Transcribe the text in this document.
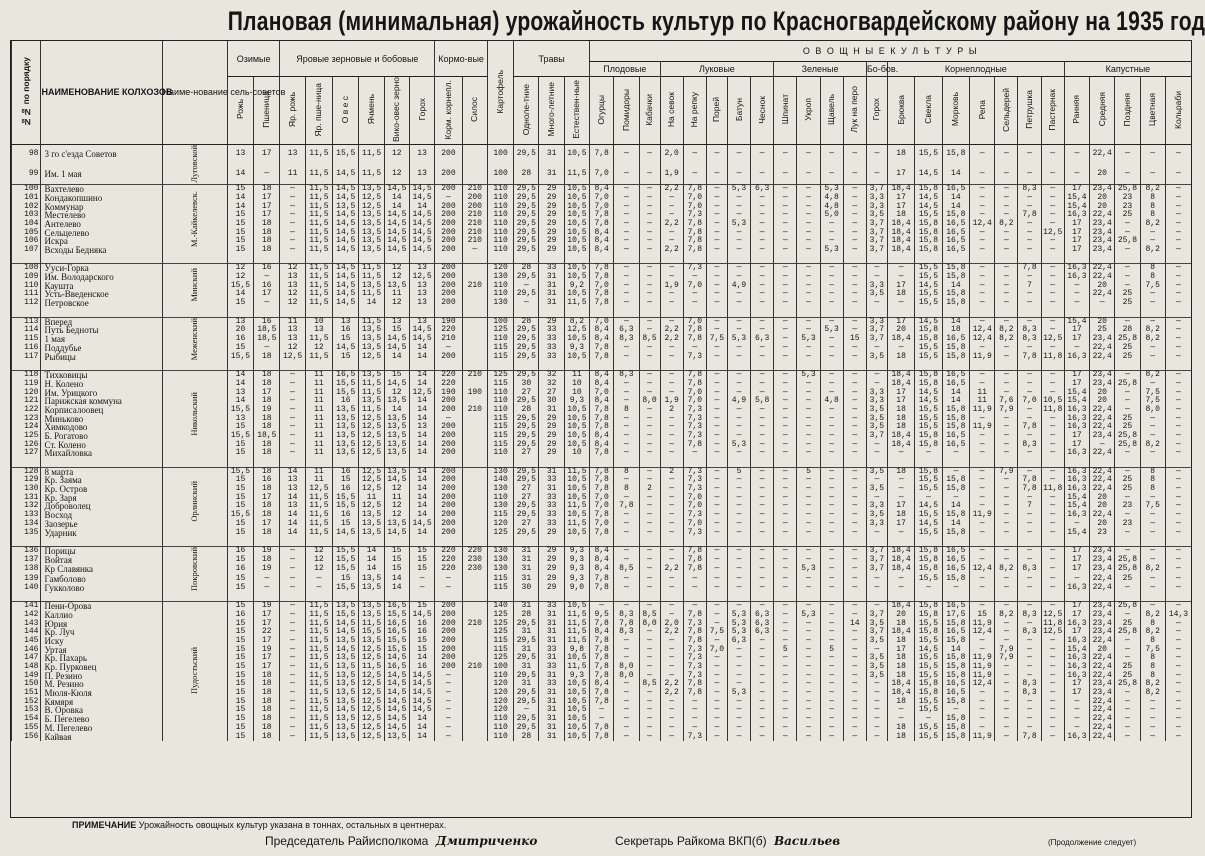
Плановая (минимальная) урожайность культур по Красногвардейскому району на 1935 год
№№ по порядку	НАИМЕНОВАНИЕ КОЛХОЗОВ	Наиме-нование сель-советов	Озимые		Яровые зерновые и бобовые						Кормо-вые		Картофель	Травы			О В О Щ Н Ы Е К У Л Ь Т У Р Ы																								
																	Плодовые			Луковые					Зеленые				Бо-бов.	Корнеплодные							Капустные				
			Рожь	Пшеница	Яр. рожь	Яр. пше-ница	О в е с	Ячмень	Вико-овес зерно	Горох	Корм. корнепл.	Силос		Одноле-тние	Много-летние	Естествен-ные	Огурцы	Помидоры	Кабачки	На севок	На репку	Порей	Батун	Чеснок	Шпинат	Укроп	Щавель	Лук на перо	Горох	Брюква	Свекла	Морковь	Репа	Сельдерей	Петрушка	Пастернак	Ранняя	Средняя	Поздняя	Цветная	Кольраби
98	3 го с'езда Советов	Луговской	13	17	13	11,5	15,5	11,5	12	13	200		100	29,5	31	10,5	7,8	—	—	2,0	—	—	—	—	—	—	—	—	—	18	15,5	15,8	—	—	—	—	—	22,4	—	—	—
99	Им. 1 мая		14	—	11	11,5	14,5	11,5	12	13	200		100	28	31	11,5	7,0	—	—	1,9	—	—	—	—	—	—	—	—	—	17	14,5	14	—	—	—	—	—	20	—	—	—
100	Вахтелево	М.-Кайкелевск.	15	18	—	11,5	14,5	13,5	14,5	14,5	200	210	110	29,5	29	10,5	8,4	—	—	2,2	7,8	—	5,3	6,3	—	—	5,3	—	3,7	18,4	15,8	16,5	—	—	8,3	—	17	23,4	25,8	8,2	—
101	Кондакопшино		14	17	—	11,5	14,5	12,5	14	14,5	—	200	110	29,5	29	10,5	7,0	—	—	—	7,0	—	—	—	—	—	4,8	—	3,3	17	14,5	14	—	—	—	—	15,4	20	23	8	—
102	Коммунар		14	17	—	11,5	13,5	12,5	14	14	200	200	110	29,5	29	10,5	7,0	—	—	—	7,0	—	—	—	—	—	4,8	—	3,3	17	14,5	14	—	—	—	—	15,4	20	23	8	—
103	Местелево		15	17	—	11,5	14,5	13,5	14,5	14,5	200	210	110	29,5	29	10,5	7,8	—	—	—	7,3	—	—	—	—	—	5,0	—	3,5	18	15,5	15,8	—	—	7,8	—	16,3	22,4	25	8	—
104	Антелево		15	18	—	11,5	14,5	13,5	14,5	14,5	200	210	110	29,5	29	10,5	7,8	—	—	2,2	7,8	—	5,3	—	—	—	—	—	3,7	18,4	15,8	16,5	12,4	8,2	—	—	17	23,4	—	8,2	—
105	Сельцелево		15	18	—	11,5	14,5	13,5	14,5	14,5	200	210	110	29,5	29	10,5	8,4	—	—	—	7,8	—	—	—	—	—	—	—	3,7	18,4	15,8	16,5	—	—	—	12,5	17	23,4	—	—	—
106	Искра		15	18	—	11,5	14,5	13,5	14,5	14,5	200	210	110	29,5	29	10,5	8,4	—	—	—	7,8	—	—	—	—	—	—	—	3,7	18,4	15,8	16,5	—	—	—	—	17	23,4	25,8	—	—
107	Всходы Бедняка		15	18	—	11,5	14,5	13,5	14,5	14,5	200	—	110	29,5	29	10,5	8,4	—	—	2,2	7,8	—	—	—	—	—	5,3	—	3,7	18,4	15,8	16,5	—	—	—	—	17	23,4	—	8,2	—

108	Ууси-Горка	Минский	12	16	12	11,5	14,5	11,5	12	13	200		120	28	33	10,5	7,8	—	—	—	7,3	—	—	—	—	—	—	—	—	—	15,5	15,8	—	—	7,8	—	16,3	22,4	—	8	—
109	Им. Володарского		12	—	13	11,5	14,5	11,5	12	12,5	200		130	29,5	31	10,5	7,8	—	—	—	—	—	—	—	—	—	—	—	—	—	15,5	15,8	—	—	—	—	16,3	22,4	—	8	—
110	Каушта		15,5	16	13	11,5	14,5	13,5	13,5	13	200	210	110	—	31	9,2	7,0	—	—	1,9	7,0	—	4,9	—	—	—	—	—	3,3	17	14,5	14	—	—	7	—	—	20	—	7,5	—
111	Усть-Введенское		14	17	12	11,5	14,5	11,5	11	13	200		110	29,5	31	10,5	7,8	—	—	—	—	—	—	—	—	—	—	—	3,5	18	15,5	15,8	—	—	—	—	—	22,4	25	—	—
112	Петровское		15	—	12	11,5	14,5	14	12	13	200		130	—	31	11,5	7,8	—	—	—	—	—	—	—	—	—	—	—	—	—	15,5	15,8	—	—	—	—	—	—	25	—	—

113	Вперед	Меженский	13	16	11	10	13	11,5	13	13	190		100	28	29	8,2	7,0	—	—	—	7,0	—	—	—	—	—	—	—	3,3	17	14,5	14	—	—	—	—	15,4	20	—	—	—
114	Путь Бедноты		20	18,5	13	13	16	13,5	15	14,5	220		125	29,5	33	12,5	8,4	6,3	—	2,2	7,8	—	—	—	—	—	5,3	—	3,7	20	15,8	18	12,4	8,2	8,3	—	17	25	28	8,2	—
115	1 мая		16	18,5	13	11,5	15	13,5	14,5	14,5	210		110	29,5	33	10,5	8,4	8,3	8,5	2,2	7,8	7,5	5,3	6,3	—	5,3	—	15	3,7	18,4	15,8	16,5	12,4	8,2	8,3	12,5	17	23,4	25,8	8,2	—
116	Поддубье		15	—	12	12	14,5	13,5	14,5	14	—		115	29,5	33	9,3	7,8	—	—	—	—	—	—	—	—	—	—	—	—	—	15,5	15,8	—	—	—	—	—	22,4	25	—	—
117	Рыбицы		15,5	18	12,5	11,5	15	12,5	14	14	200		115	29,5	33	10,5	7,8	—	—	—	7,3	—	—	—	—	—	—	—	3,5	18	15,5	15,8	11,9	—	7,8	11,8	16,3	22,4	25	—	—

118	Тихковицы	Никольский	14	18	—	11	16,5	13,5	15	14	220	210	125	29,5	32	11	8,4	8,3	—	—	7,8	—	—	—	—	5,3	—	—	—	18,4	15,8	16,5	—	—	—	—	17	23,4	—	8,2	—
119	Н. Колено		14	18	—	11	15,5	11,5	14,5	14	220		115	30	32	10	8,4	—	—	—	7,8	—	—	—	—	—	—	—	—	18,4	15,8	16,5	—	—	—	—	17	23,4	25,8	—	—
120	Им. Урицкого		13	17	—	11	15,5	11,5	12	12,5	190	190	110	27	27	10	7,0	—	—	—	7,0	—	—	—	—	—	—	—	3,3	17	14,5	14	11	—	—	—	15,4	20	—	7,5	—
121	Парижская коммуна		14	18	—	11	16	13,5	13,5	14	200		110	29,5	30	9,3	8,4	—	8,0	1,9	7,0	—	4,9	5,8	—	—	4,8	—	3,3	17	14,5	14	11	7,6	7,0	10,5	15,4	20	—	7,5	—
122	Корписалоовец		15,5	19	—	11	13,5	11,5	14	14	200	210	110	28	31	10,5	7,8	8	—	2	7,3	—	—	—	—	—	—	—	3,5	18	15,5	15,8	11,9	7,9	—	11,8	16,3	22,4	—	8,0	—
123	Миньково		13	18	—	11	13,5	12,5	13,5	14	—		115	29,5	29	10,5	7,8	—	—	—	7,3	—	—	—	—	—	—	—	3,5	18	15,5	15,8	—	—	—	—	16,3	22,4	25	—	—
124	Химкодово		15	18	—	11	13,5	12,5	13,5	13	200		115	29,5	29	10,5	7,8	—	—	—	7,3	—	—	—	—	—	—	—	3,5	18	15,5	15,8	11,9	—	7,8	—	16,3	22,4	25	—	—
125	Б. Рогатово		15,5	18,5	—	11	13,5	12,5	13,5	14	200		115	29,5	29	10,5	8,4	—	—	—	7,3	—	—	—	—	—	—	—	3,7	18,4	15,8	16,5	—	—	—	—	17	23,4	25,8	—	—
126	Ст. Колено		15	18	—	11	13,5	12,5	13,5	14	200		115	29,5	29	10,5	8,4	—	—	—	7,8	—	5,3	—	—	—	—	—	—	18,4	15,8	16,5	—	—	8,3	—	17	—	25,8	8,2	—
127	Михайловка		15	18	—	11	13,5	12,5	13,5	14	200		110	27	29	10	7,8	—	—	—	—	—	—	—	—	—	—	—	—	—	—	—	—	—	—	—	16,3	22,4	—	—	—

128	8 марта	Орлинский	15,5	18	14	11	16	12,5	13,5	14	200		130	29,5	31	11,5	7,8	8	—	2	7,3	—	5	—	—	5	—	—	3,5	18	15,8	—	—	7,9	—	—	16,3	22,4	—	8	—
129	Кр. Заяма		15	16	13	11	15	12,5	14,5	14	200		140	29,5	33	10,5	7,8	—	—	—	7,3	—	—	—	—	—	—	—	—	—	15,5	15,8	—	—	7,8	—	16,3	22,4	25	8	—
130	Кр. Остров		15	18	13	12,5	16	12,5	12	14	200		130	27	31	10,5	7,8	8	2	—	7,3	—	—	—	—	—	—	—	3,5	—	15,5	15,8	—	—	7,8	11,8	16,3	22,4	25	8	—
131	Кр. Заря		15	17	14	11,5	15,5	11	11	14	200		110	27	33	10,5	7,0	—	—	—	7,0	—	—	—	—	—	—	—	—	—	—	—	—	—	—	—	15,4	20	—	—	—
132	Доброволец		15	18	13	11,5	15,5	12,5	12	14	200		130	29,5	33	11,5	7,0	7,8	—	—	7,0	—	—	—	—	—	—	—	3,3	17	14,5	14	—	—	7	—	15,4	20	23	7,5	—
133	Восход		15,5	18	14	11,5	16	13,5	12	14	200		115	29,5	33	10,5	7,8	—	—	—	7,3	—	—	—	—	—	—	—	3,5	18	15,5	15,8	11,9	—	—	—	16,3	22,4	—	—	—
134	Заозерье		15	17	14	11,5	15	13,5	13,5	14,5	200		120	27	33	11,5	7,0	—	—	—	7,0	—	—	—	—	—	—	—	3,3	17	14,5	14	—	—	—	—	—	20	23	—	—
135	Ударник		15	18	14	11,5	14,5	13,5	14,5	14	200		125	29,5	29	10,5	7,8	—	—	—	7,3	—	—	—	—	—	—	—	—	—	15,5	15,8	—	—	—	—	15,4	23	—	—	—

136	Порицы	Покровский	16	19	—	12	15,5	14	15	15	220	220	130	31	29	9,3	8,4	—	—	—	7,8	—	—	—	—	—	—	—	3,7	18,4	15,8	16,5	—	—	—	—	17	23,4	—	—	—
137	Войтая		15	18	—	12	15,5	14	15	15	220	230	130	31	29	9,3	8,4	—	—	—	7,8	—	—	—	—	—	—	—	3,7	18,4	15,8	16,5	—	—	—	—	17	23,4	25,8	—	—
138	Кр Славянка		16	19	—	12	15,5	14	15	15	220	230	130	31	29	9,3	8,4	8,5	—	2,2	7,8	—	—	—	—	5,3	—	—	3,7	18,4	15,8	16,5	12,4	8,2	8,3	—	17	23,4	25,8	8,2	—
139	Гамболово		15	—	—	—	15	13,5	14	—	—		115	31	29	9,3	7,8	—	—	—	—	—	—	—	—	—	—	—	—	—	15,5	15,8	—	—	—	—	—	22,4	25	—	—
140	Гукколово		15	—	—	—	15,5	13,5	14	—	—		115	30	29	9,0	7,8	—	—	—	—	—	—	—	—	—	—	—	—	—	—	—	—	—	—	—	16,3	22,4	—	—	—

141	Пени-Орова	Пудостьский	15	19	—	11,5	13,5	13,5	16,5	15	200		140	31	33	10,5	—	—	—	—	—	—	—	—	—	—	—	—	—	18,4	15,8	16,5	—	—	—	—	17	23,4	25,8	—	—
142	Каллио		16	17	—	11,5	15,5	13,5	15,5	14,5	200		125	28	31	11,5	9,5	8,3	8,5	—	7,8	—	5,3	6,3	—	5,3	—	—	3,7	20	15,8	17,5	15	8,2	8,3	12,5	17	23,4	—	8,2	14,3
143	Юрия		15	17	—	11,5	14,5	11,5	16,5	16	200	210	125	29,5	31	11,5	7,8	7,8	8,0	2,0	7,3	—	5,3	6,3	—	—	—	14	3,5	18	15,5	15,8	11,9	—	—	11,8	16,3	23,4	25	8	—
144	Кр. Луч		15	22	—	11,5	14,5	15,5	16,5	16	200		125	31	31	11,5	8,4	8,3	—	2,2	7,8	7,5	5,3	6,3	—	—	—	—	3,7	18,4	15,8	16,5	12,4	—	8,3	12,5	17	23,4	25,8	8,2	—
145	Иску		15	17	—	11,5	13,5	13,5	15,5	15	200		115	29,5	31	11,5	7,8	—	—	—	7,8	—	6,3	—	—	—	—	—	3,5	18	15,5	15,8	—	—	—	—	16,3	22,4	—	8	—
146	Уртая		15	19	—	11,5	14,5	12,5	15,5	15	200		115	31	33	9,8	7,8	—	—	—	7,3	7,0	—	—	5	—	5	—	—	17	14,5	14	—	7,9	—	—	15,4	20	—	7,5	—
147	Кр. Пахарь		15	17	—	11,5	13,5	12,5	14,5	14	200		125	29,5	31	10,5	7,8	—	—	—	7,3	—	—	—	—	—	—	—	3,5	18	15,5	15,8	11,9	7,9	—	—	16,3	22,4	—	8	—
148	Кр. Пурковец		15	17	—	11,5	13,5	11,5	16,5	16	200	210	100	31	33	11,5	7,8	8,0	—	—	7,3	—	—	—	—	—	—	—	3,5	18	15,5	15,8	11,9	—	—	—	16,3	22,4	25	8	—
149	П. Резино		15	18	—	11,5	13,5	12,5	14,5	14,5	—		110	29,5	31	9,3	7,8	8,0	—	—	7,3	—	—	—	—	—	—	—	3,5	18	15,5	15,8	11,9	—	—	—	16,3	22,4	25	8	—
150	М. Резино		15	18	—	11,5	13,5	12,5	14,5	14,5	—		120	31	33	10,5	8,4	—	8,5	2,2	7,8	—	—	—	—	—	—	—	—	18,4	15,8	16,5	12,4	—	8,3	—	17	23,4	25,8	8,2	—
151	Мюля-Кюля		15	18	—	11,5	13,5	12,5	14,5	14,5	—		120	29,5	31	10,5	7,8	—	—	2,2	7,8	—	5,3	—	—	—	—	—	—	18,4	15,8	16,5	—	—	8,3	—	17	23,4	—	8,2	—
152	Кямяря		15	18	—	11,5	13,5	12,5	14,5	14,5	—		120	29,5	31	10,5	7,8	—	—	—	—	—	—	—	—	—	—	—	—	18	15,5	15,8	—	—	—	—	—	22,4	—	—	—
153	В. Оровка		15	18	—	11,5	14,5	12,5	14,5	14,5	—		120	—	31	10,5	—	—	—	—	—	—	—	—	—	—	—	—	—	—	15,5	—	—	—	—	—	—	22,4	—	—	—
154	Б. Пегелево		15	18	—	11,5	13,5	12,5	14,5	14	—		110	29,5	31	10,5	—	—	—	—	—	—	—	—	—	—	—	—	—	—	—	15,8	—	—	—	—	—	22,4	—	—	—
155	М. Пегелево		15	18	—	11,5	13,5	12,5	14,5	14	—		110	29,5	31	10,5	7,8	—	—	—	—	—	—	—	—	—	—	—	—	18	15,5	15,8	—	—	—	—	—	22,4	—	—	—
156	Кайвая		15	18	—	11,5	13,5	12,5	13,5	14	—		110	28	31	10,5	7,8	—	—	—	7,3	—	—	—	—	—	—	—	—	18	15,5	15,8	11,9	—	7,8	—	16,3	22,4	—	—	—
ПРИМЕЧАНИЕ Урожайность овощных культур указана в тоннах, остальных в центнерах.
Председатель Райисполкома Дмитриченко	Секретарь Райкома ВКП(б) Васильев	(Продолжение следует)
